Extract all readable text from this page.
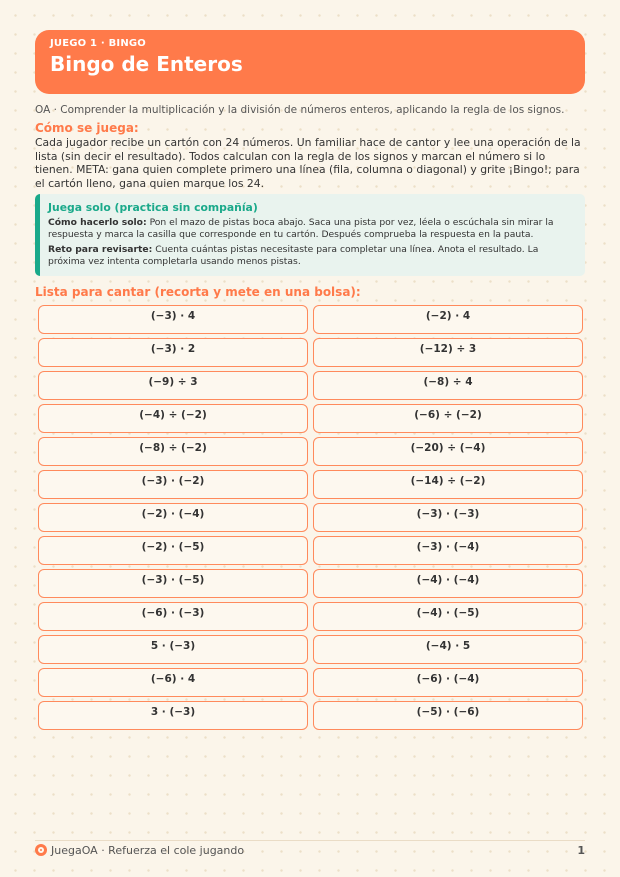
JUEGO 1 · BINGO
Bingo de Enteros
OA · Comprender la multiplicación y la división de números enteros, aplicando la regla de los signos.
Cómo se juega:
Cada jugador recibe un cartón con 24 números. Un familiar hace de cantor y lee una operación de la lista (sin decir el resultado). Todos calculan con la regla de los signos y marcan el número si lo tienen. META: gana quien complete primero una línea (fila, columna o diagonal) y grite ¡Bingo!; para el cartón lleno, gana quien marque los 24.
Juega solo (practica sin compañía)

Cómo hacerlo solo: Pon el mazo de pistas boca abajo. Saca una pista por vez, léela o escúchala sin mirar la respuesta y marca la casilla que corresponde en tu cartón. Después comprueba la respuesta en la pauta.

Reto para revisarte: Cuenta cuántas pistas necesitaste para completar una línea. Anota el resultado. La próxima vez intenta completarla usando menos pistas.

Lista para cantar (recorta y mete en una bolsa):
(−3) · 4	(−2) · 4
(−3) · 2	(−12) ÷ 3
(−9) ÷ 3	(−8) ÷ 4
(−4) ÷ (−2)	(−6) ÷ (−2)
(−8) ÷ (−2)	(−20) ÷ (−4)
(−3) · (−2)	(−14) ÷ (−2)
(−2) · (−4)	(−3) · (−3)
(−2) · (−5)	(−3) · (−4)
(−3) · (−5)	(−4) · (−4)
(−6) · (−3)	(−4) · (−5)
5 · (−3)	(−4) · 5
(−6) · 4	(−6) · (−4)
3 · (−3)	(−5) · (−6)
JuegaOA · Refuerza el cole jugando	1
